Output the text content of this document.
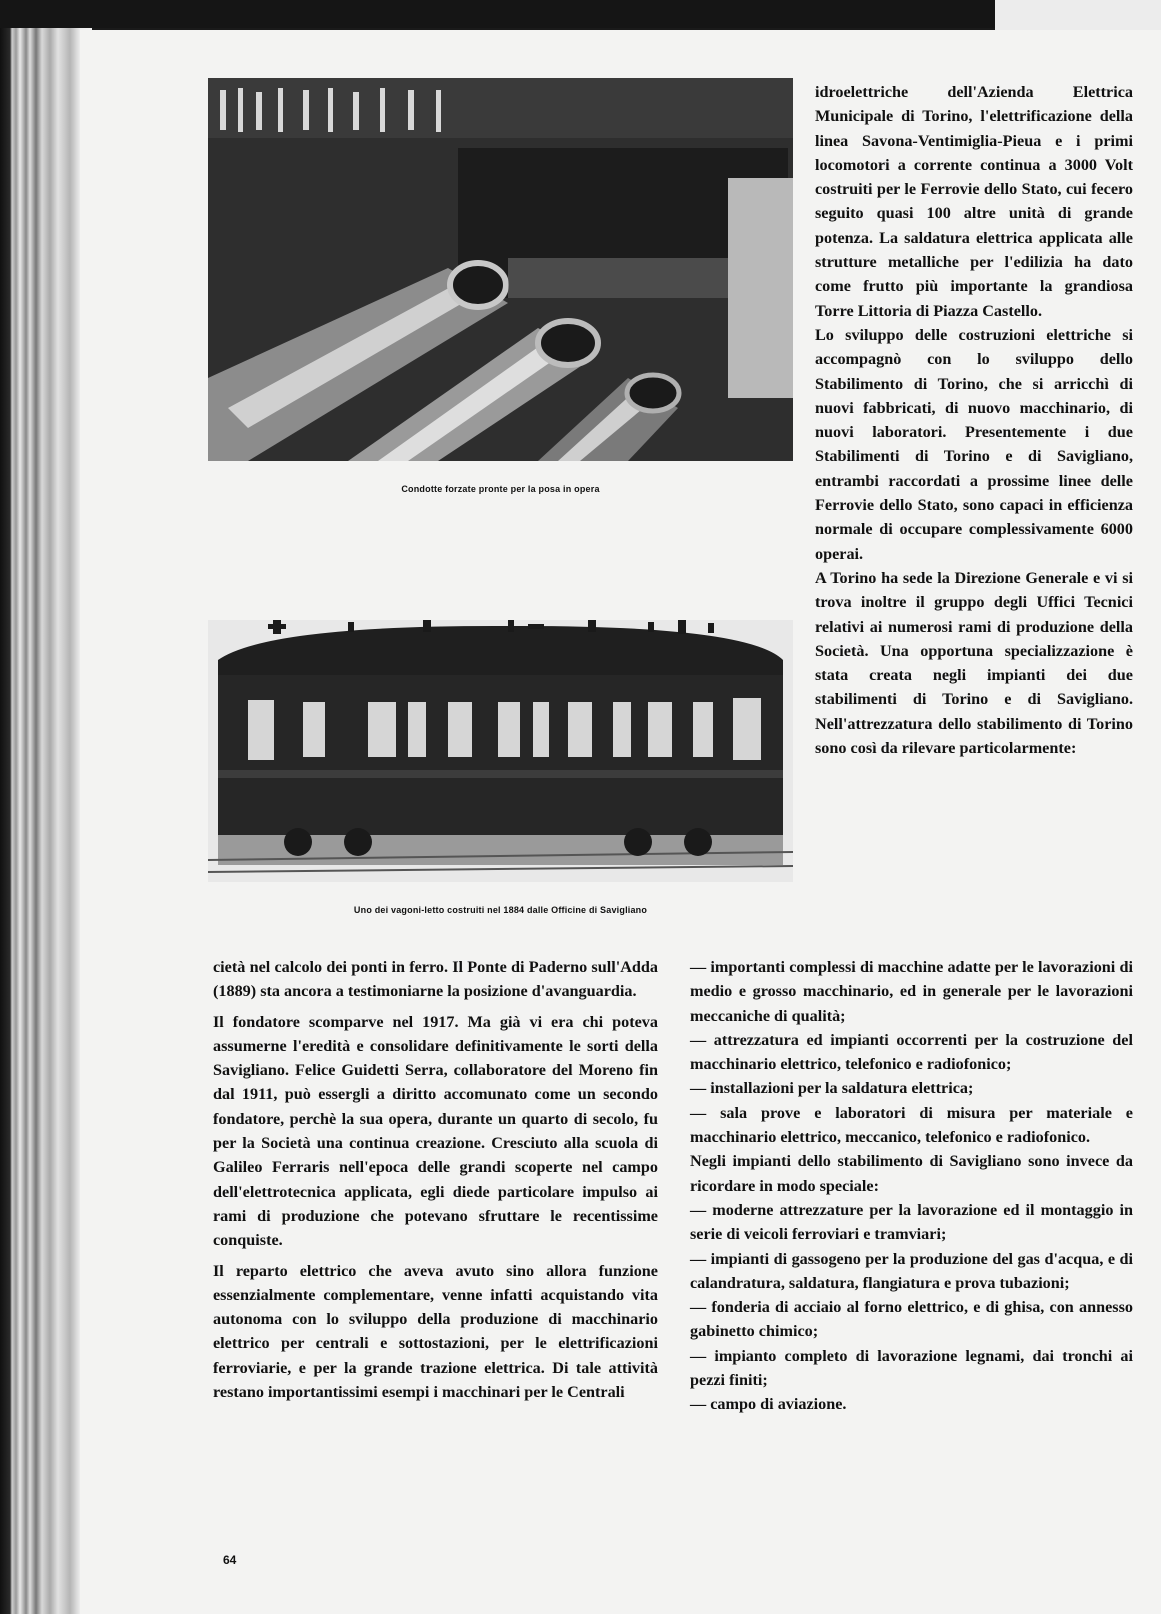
Condotte forzate pronte per la posa in opera
Uno dei vagoni-letto costruiti nel 1884 dalle Officine di Savigliano

idroelettriche dell'Azienda Elettrica Municipale di Torino, l'elettrificazione della linea Savona-Ventimiglia-Pieua e i primi locomotori a corrente continua a 3000 Volt costruiti per le Ferrovie dello Stato, cui fecero seguito quasi 100 altre unità di grande potenza. La saldatura elettrica applicata alle strutture metalliche per l'edilizia ha dato come frutto più importante la grandiosa Torre Littoria di Piazza Castello.

Lo sviluppo delle costruzioni elettriche si accompagnò con lo sviluppo dello Stabilimento di Torino, che si arricchì di nuovi fabbricati, di nuovo macchinario, di nuovi laboratori. Presentemente i due Stabilimenti di Torino e di Savigliano, entrambi raccordati a prossime linee delle Ferrovie dello Stato, sono capaci in efficienza normale di occupare complessivamente 6000 operai.

A Torino ha sede la Direzione Generale e vi si trova inoltre il gruppo degli Uffici Tecnici relativi ai numerosi rami di produzione della Società. Una opportuna specializzazione è stata creata negli impianti dei due stabilimenti di Torino e di Savigliano. Nell'attrezzatura dello stabilimento di Torino sono così da rilevare particolarmente:

cietà nel calcolo dei ponti in ferro. Il Ponte di Paderno sull'Adda (1889) sta ancora a testimoniarne la posizione d'avanguardia.

Il fondatore scomparve nel 1917. Ma già vi era chi poteva assumerne l'eredità e consolidare definitivamente le sorti della Savigliano. Felice Guidetti Serra, collaboratore del Moreno fin dal 1911, può essergli a diritto accomunato come un secondo fondatore, perchè la sua opera, durante un quarto di secolo, fu per la Società una continua creazione. Cresciuto alla scuola di Galileo Ferraris nell'epoca delle grandi scoperte nel campo dell'elettrotecnica applicata, egli diede particolare impulso ai rami di produzione che potevano sfruttare le recentissime conquiste.

Il reparto elettrico che aveva avuto sino allora funzione essenzialmente complementare, venne infatti acquistando vita autonoma con lo sviluppo della produzione di macchinario elettrico per centrali e sottostazioni, per le elettrificazioni ferroviarie, e per la grande trazione elettrica. Di tale attività restano importantissimi esempi i macchinari per le Centrali

— importanti complessi di macchine adatte per le lavorazioni di medio e grosso macchinario, ed in generale per le lavorazioni meccaniche di qualità;

— attrezzatura ed impianti occorrenti per la costruzione del macchinario elettrico, telefonico e radiofonico;

— installazioni per la saldatura elettrica;

— sala prove e laboratori di misura per materiale e macchinario elettrico, meccanico, telefonico e radiofonico.

Negli impianti dello stabilimento di Savigliano sono invece da ricordare in modo speciale:

— moderne attrezzature per la lavorazione ed il montaggio in serie di veicoli ferroviari e tramviari;

— impianti di gassogeno per la produzione del gas d'acqua, e di calandratura, saldatura, flangiatura e prova tubazioni;

— fonderia di acciaio al forno elettrico, e di ghisa, con annesso gabinetto chimico;

— impianto completo di lavorazione legnami, dai tronchi ai pezzi finiti;

— campo di aviazione.

64
